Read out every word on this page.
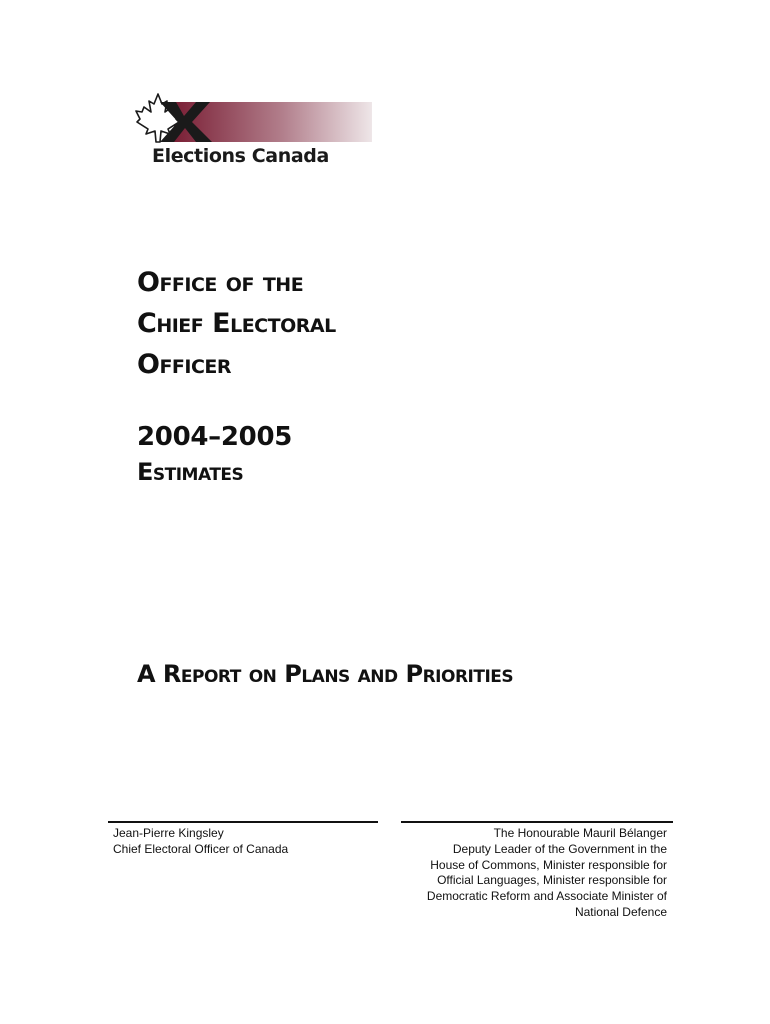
Elections Canada

Office of the

Chief Electoral

Officer

2004–2005

Estimates

A Report on Plans and Priorities

Jean-Pierre Kingsley

Chief Electoral Officer of Canada

The Honourable Mauril Bélanger

Deputy Leader of the Government in the

House of Commons, Minister responsible for

Official Languages, Minister responsible for

Democratic Reform and Associate Minister of

National Defence
